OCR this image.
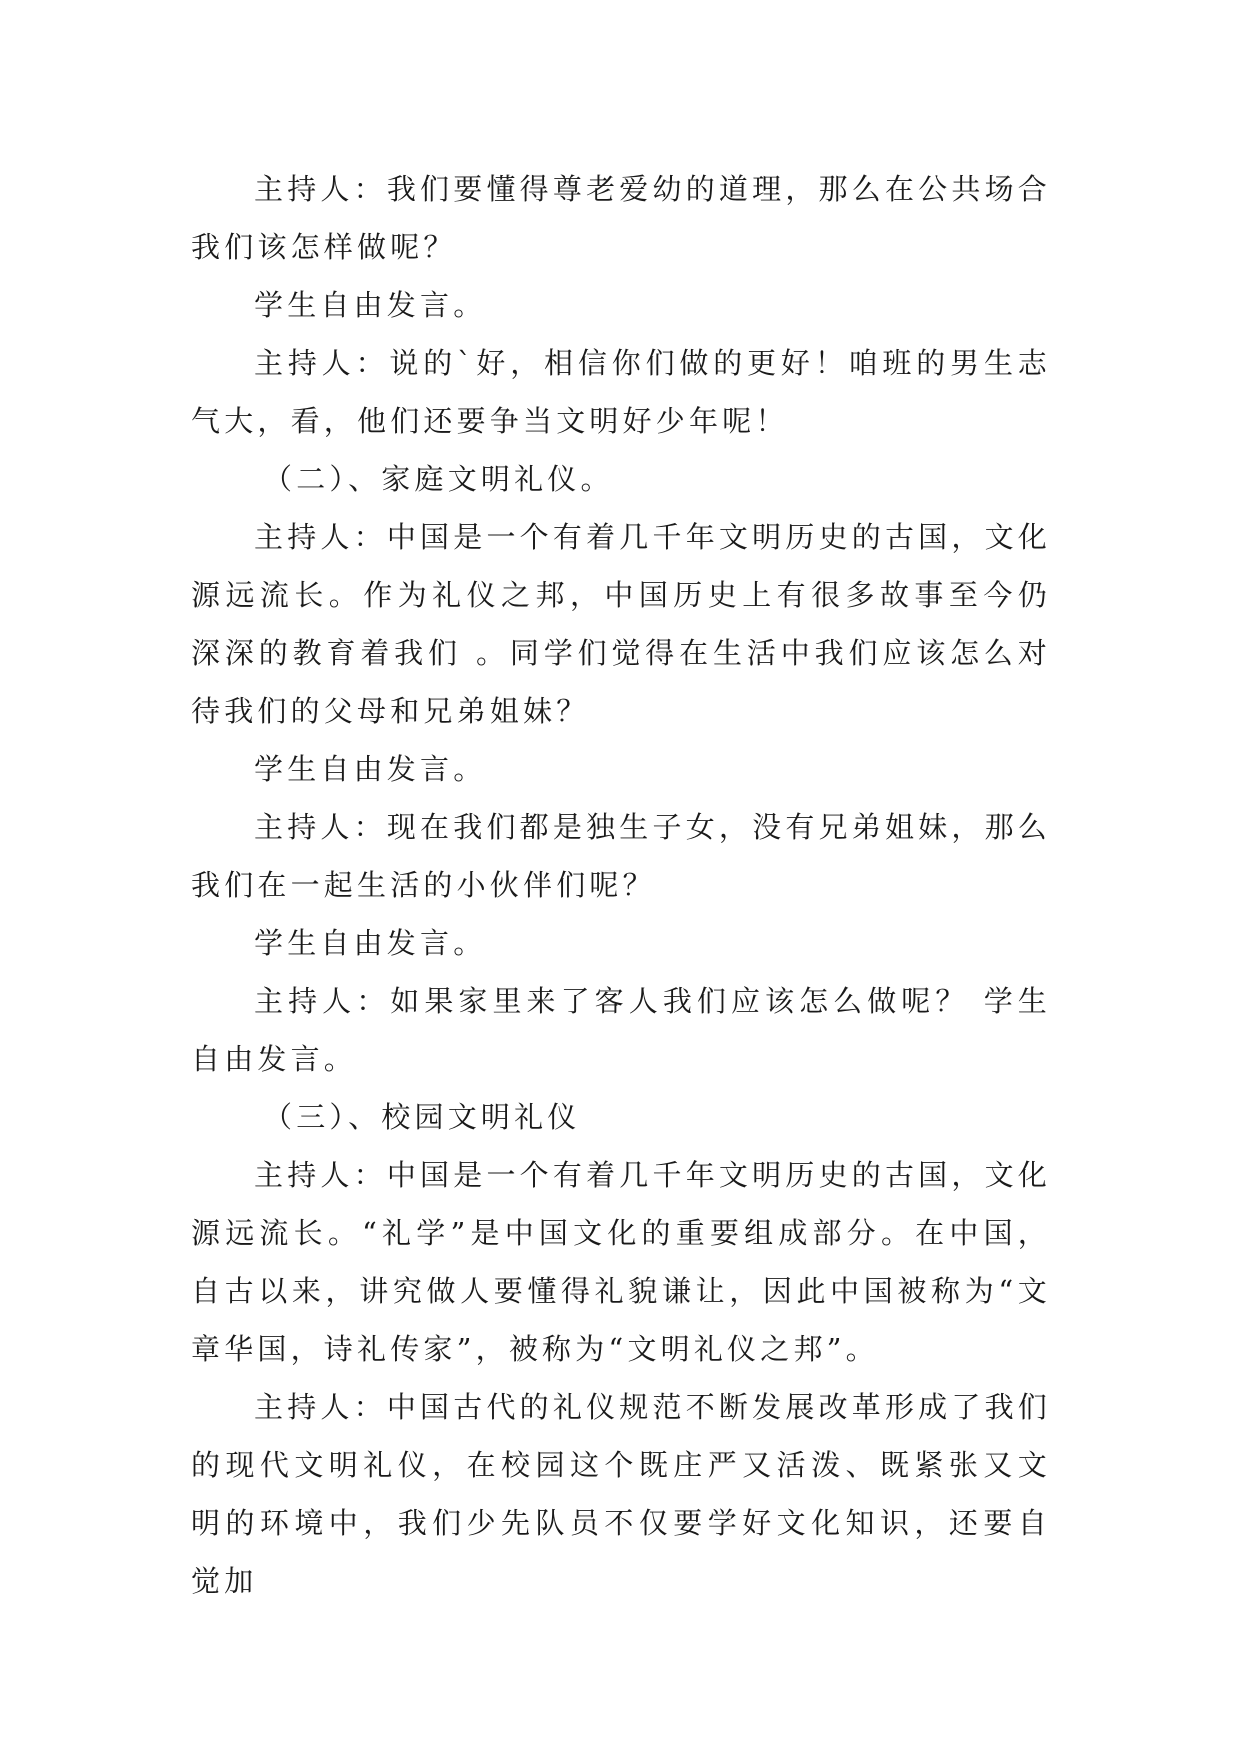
主持人：我们要懂得尊老爱幼的道理，那么在公共场合我们该怎样做呢？

学生自由发言。

主持人：说的`好，相信你们做的更好！咱班的男生志气大，看，他们还要争当文明好少年呢！

（二）、家庭文明礼仪。

主持人：中国是一个有着几千年文明历史的古国，文化源远流长。作为礼仪之邦，中国历史上有很多故事至今仍深深的教育着我们 。同学们觉得在生活中我们应该怎么对待我们的父母和兄弟姐妹？

学生自由发言。

主持人：现在我们都是独生子女，没有兄弟姐妹，那么我们在一起生活的小伙伴们呢？

学生自由发言。

主持人：如果家里来了客人我们应该怎么做呢？ 学生自由发言。

（三）、校园文明礼仪

主持人：中国是一个有着几千年文明历史的古国，文化源远流长。“礼学”是中国文化的重要组成部分。在中国，自古以来，讲究做人要懂得礼貌谦让，因此中国被称为“文章华国，诗礼传家”，被称为“文明礼仪之邦”。

主持人：中国古代的礼仪规范不断发展改革形成了我们的现代文明礼仪，在校园这个既庄严又活泼、既紧张又文明的环境中，我们少先队员不仅要学好文化知识，还要自觉加
